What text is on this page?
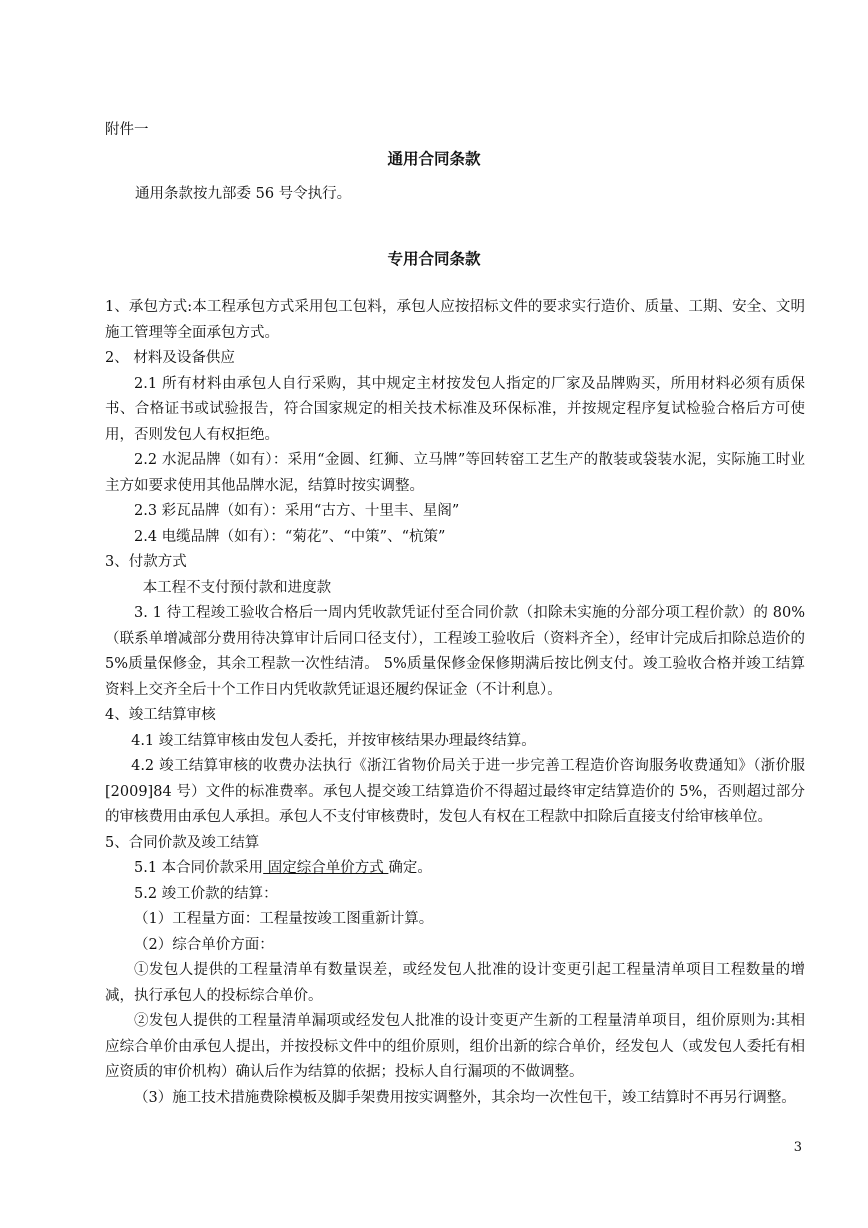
附件一
通用合同条款
通用条款按九部委 56 号令执行。
专用合同条款

1、承包方式:本工程承包方式采用包工包料，承包人应按招标文件的要求实行造价、质量、工期、安全、文明施工管理等全面承包方式。

2、 材料及设备供应

2.1 所有材料由承包人自行采购，其中规定主材按发包人指定的厂家及品牌购买，所用材料必须有质保书、合格证书或试验报告，符合国家规定的相关技术标准及环保标准，并按规定程序复试检验合格后方可使用，否则发包人有权拒绝。

2.2 水泥品牌（如有）：采用“金圆、红狮、立马牌”等回转窑工艺生产的散装或袋装水泥，实际施工时业主方如要求使用其他品牌水泥，结算时按实调整。

2.3 彩瓦品牌（如有）：采用“古方、十里丰、星阁”

2.4 电缆品牌（如有）：“菊花”、“中策”、“杭策”

3、付款方式

本工程不支付预付款和进度款

3. 1 待工程竣工验收合格后一周内凭收款凭证付至合同价款（扣除未实施的分部分项工程价款）的 80%（联系单增减部分费用待决算审计后同口径支付），工程竣工验收后（资料齐全），经审计完成后扣除总造价的 5%质量保修金，其余工程款一次性结清。 5%质量保修金保修期满后按比例支付。竣工验收合格并竣工结算资料上交齐全后十个工作日内凭收款凭证退还履约保证金（不计利息）。

4、竣工结算审核

4.1 竣工结算审核由发包人委托，并按审核结果办理最终结算。

4.2 竣工结算审核的收费办法执行《浙江省物价局关于进一步完善工程造价咨询服务收费通知》（浙价服[2009]84 号）文件的标准费率。承包人提交竣工结算造价不得超过最终审定结算造价的 5%，否则超过部分的审核费用由承包人承担。承包人不支付审核费时，发包人有权在工程款中扣除后直接支付给审核单位。

5、合同价款及竣工结算

5.1 本合同价款采用 固定综合单价方式 确定。

5.2 竣工价款的结算：

（1）工程量方面：工程量按竣工图重新计算。

（2）综合单价方面：

①发包人提供的工程量清单有数量误差，或经发包人批准的设计变更引起工程量清单项目工程数量的增减，执行承包人的投标综合单价。

②发包人提供的工程量清单漏项或经发包人批准的设计变更产生新的工程量清单项目，组价原则为:其相应综合单价由承包人提出，并按投标文件中的组价原则，组价出新的综合单价，经发包人（或发包人委托有相应资质的审价机构）确认后作为结算的依据；投标人自行漏项的不做调整。

（3）施工技术措施费除模板及脚手架费用按实调整外，其余均一次性包干，竣工结算时不再另行调整。

3
